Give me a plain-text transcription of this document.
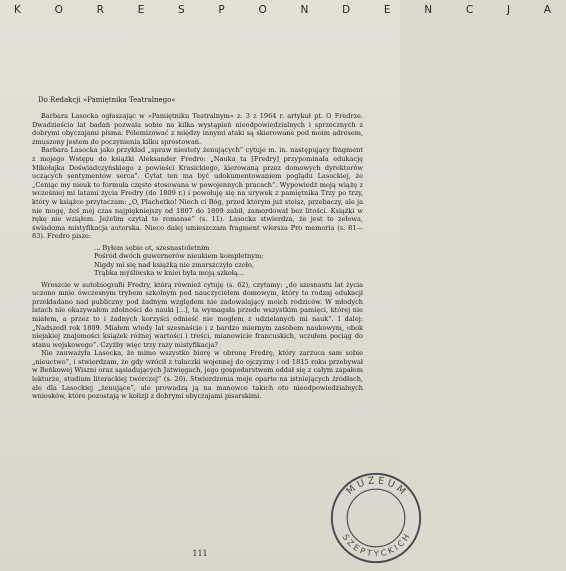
K O R E S P O N D E N C J A
Do Redakcji »Pamiętnika Teatralnego«

Barbara Lasocka ogłaszając w »Pamiętniku Teatralnym« z. 3 z 1964 r. artykuł pt. O Fredrze. Dwadzieścia lat badań pozwala sobie na kilka wystąpień nieodpowiedzialnych i sprzecznych z dobrymi obyczajami pisma. Polemizować z między innymi ataki są skierowane pod moim adresem, zmuszony jestem do poczynienia kilku sprostowań.

Barbara Lasocka jako przykład „spraw niestety żenujących” cytuje m. in. następujący fragment z mojego Wstępu do książki Aleksander Fredro: „Nauka ta [Fredry] przypominała edukację Mikołajka Doświadczyńskiego z powieści Krasickiego, kierowaną przez domowych dyrektorów uczących sentymentów serca”. Cytat ten ma być udokumentowaniem poglądu Lasockiej, że „Ceniąc my nieuk to formuła często stosowana w powojennych pracach”. Wypowiedź moją wiążę z wcześniej mi latami życia Fredry (do 1809 r.) i powołuję się na urywek z pamiętnika Trzy po trzy, który w książce przytaczam: „O, Plachetko! Niech ci Bóg, przed którym już stoisz, przebaczy, ale ja nie mogę, żeś mój czas najpiękniejszy od 1807 do 1809 zabił, zamordował bez litości. Książki w rękę nie wziąłem. Jeżelim czytał to romanse” (s. 11). Lasocka stwierdza, że jest to zełowa, świadoma mistyfikacja autorska. Nieco dalej umieszczam fragment wiersza Pro memoria (s. 81—83). Fredro pisze:

... Byłem sobie ot, szesnastoletnim
Pośród dwóch guwernerów nieukiem kompletnym;
Nigdy mi się nad książką nie zmarszczyło czoło,
Trąbka myśliwska w kniei była moją szkołą...

Wreszcie w autobiografii Fredry, którą również cytuję (s. 62), czytamy: „do szesnastu lat życia uczono mnie ówczesnym trybem szkolnym pod nauczycielem domowym, który to rodzaj edukacji przekładano nad publiczny pod żadnym względem nie zadowalający moich rodziców. W młodych latach nie okazywałem zdolności do nauki [...], ta wymagała przede wszystkim pamięci, której nie miałem, a przez to i żadnych korzyści odnieść nie mogłem z udzielanych mi nauk”. I dalej: „Nadszedł rok 1809. Miałem wtedy lat szesnaście i z bardzo miernym zasobem naukowym, obok niejakiej znajomości książek różnej wartości i treści, mianowicie francuskich, uczułem pociąg do stanu wojskowego”. Czyżby więc trzy razy mistyfikacja?

Nie zauważyła Lasocka, że mimo wszystko biorę w obronę Fredrę, który zarzuca sam sobie „nieuctwo”, i stwierdzam, że gdy wrócił z tułaczki wojennej do ojczyzny i od 1815 roku przebywał w Beńkowej Wiszni oraz sąsiadujących Jatwięgach, jego gospodarstwem oddał się z całym zapałem lekturze, studium literackiej twórczej” (s. 20). Stwierdzenia moje oparte na istniejących źródłach, ale dla Lasockiej „żenujące”, ale prowadzą ją na manowce takich oto nieodpowiedzialnych wniosków, które pozostają w kolizji z dobrymi obyczajami pisarskimi.

111
M U Z E U M
S Z E P T Y C K I C H
